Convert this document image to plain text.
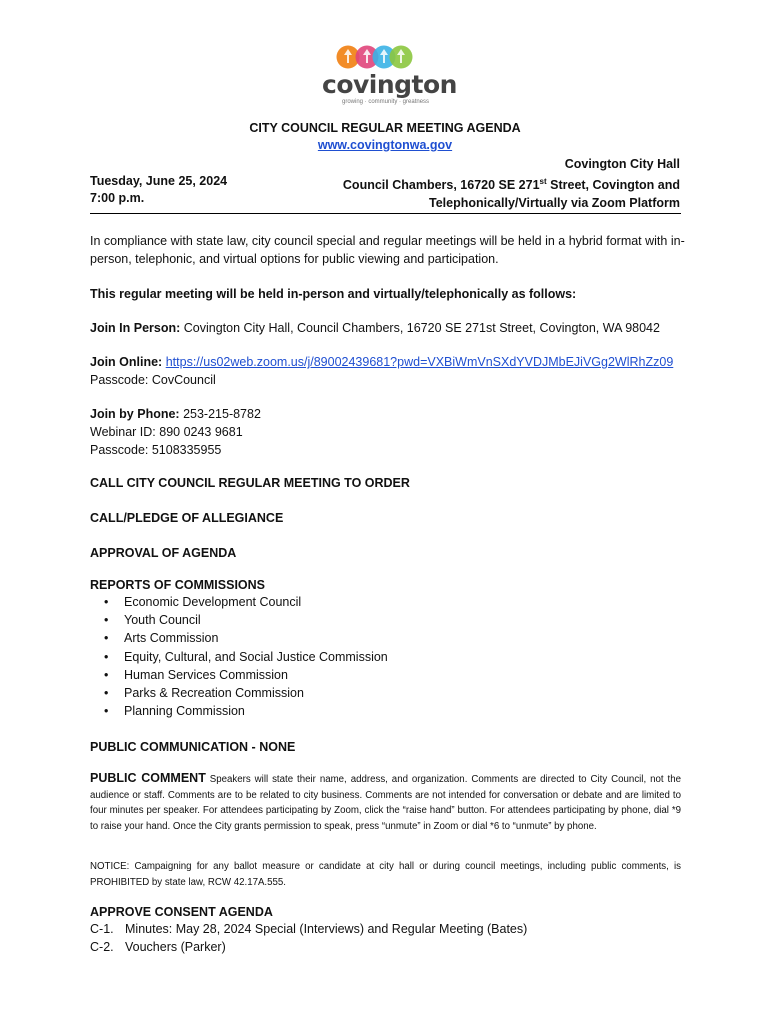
covington
growing · community · greatness
CITY COUNCIL REGULAR MEETING AGENDA
www.covingtonwa.gov
Tuesday, June 25, 2024
7:00 p.m.
Covington City Hall
Council Chambers, 16720 SE 271st Street, Covington and
Telephonically/Virtually via Zoom Platform
In compliance with state law, city council special and regular meetings will be held in a hybrid format with in-person, telephonic, and virtual options for public viewing and participation.
This regular meeting will be held in-person and virtually/telephonically as follows:
Join In Person: Covington City Hall, Council Chambers, 16720 SE 271st Street, Covington, WA 98042
Join Online: https://us02web.zoom.us/j/89002439681?pwd=VXBiWmVnSXdYVDJMbEJiVGg2WlRhZz09
Passcode: CovCouncil
Join by Phone: 253-215-8782
Webinar ID: 890 0243 9681
Passcode: 5108335955
CALL CITY COUNCIL REGULAR MEETING TO ORDER
CALL/PLEDGE OF ALLEGIANCE
APPROVAL OF AGENDA
REPORTS OF COMMISSIONS
• Economic Development Council
• Youth Council
• Arts Commission
• Equity, Cultural, and Social Justice Commission
• Human Services Commission
• Parks & Recreation Commission
• Planning Commission
PUBLIC COMMUNICATION - NONE
PUBLIC COMMENT Speakers will state their name, address, and organization. Comments are directed to City Council, not the audience or staff. Comments are to be related to city business. Comments are not intended for conversation or debate and are limited to four minutes per speaker. For attendees participating by Zoom, click the “raise hand” button. For attendees participating by phone, dial *9 to raise your hand. Once the City grants permission to speak, press “unmute” in Zoom or dial *6 to “unmute” by phone.
NOTICE: Campaigning for any ballot measure or candidate at city hall or during council meetings, including public comments, is PROHIBITED by state law, RCW 42.17A.555.
APPROVE CONSENT AGENDA
C-1. Minutes: May 28, 2024 Special (Interviews) and Regular Meeting (Bates)
C-2. Vouchers (Parker)
